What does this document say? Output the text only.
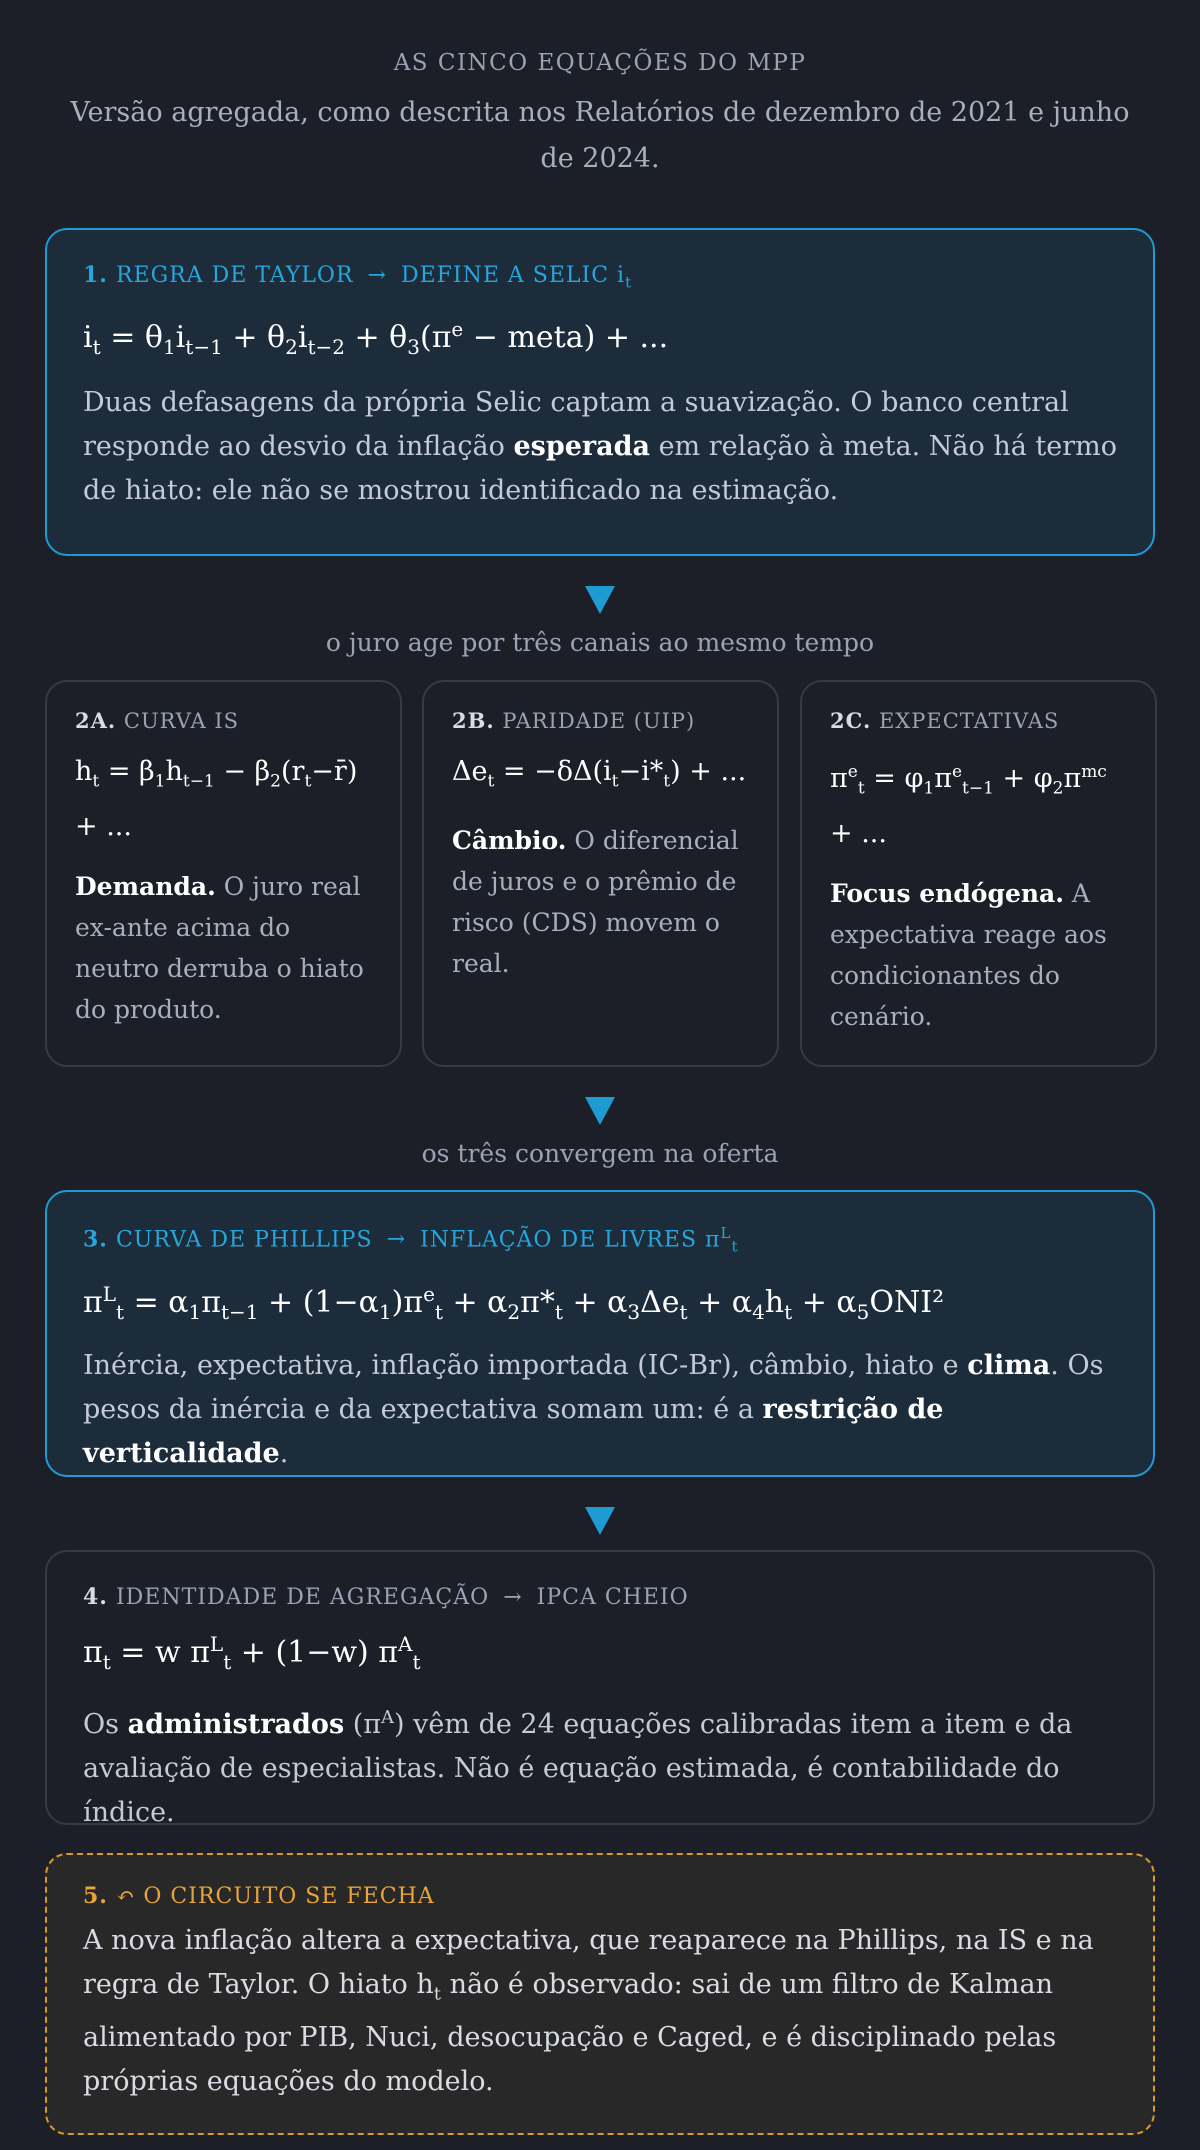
AS CINCO EQUAÇÕES DO MPP
Versão agregada, como descrita nos Relatórios de dezembro de 2021 e junho de 2024.
1. REGRA DE TAYLOR → DEFINE A SELIC $i_t$
$i_t = \theta_1i_{t-1} + \theta_2i_{t-2} + \theta_3(\pi^e$ − meta) + ...
Duas defasagens da própria Selic captam a suavização. O banco central responde ao desvio da inflação esperada em relação à meta. Não há termo de hiato: ele não se mostrou identificado na estimação.
o juro age por três canais ao mesmo tempo
2A. CURVA IS
$h_t = \beta_1h_{t-1}$ − $\beta_2(r_t-r̄)$
+ ...
Demanda. O juro real ex-ante acima do neutro derruba o hiato do produto.
2B. PARIDADE (UIP)
$\Delta e_t = -\delta\Delta(i_t-i*_t)$ + ...
Câmbio. O diferencial de juros e o prêmio de risco (CDS) movem o real.
2C. EXPECTATIVAS
$\pi^e_t = \varphi_1\pi^e_{t-1} + \varphi_2\pi^{mc}$
+ ...
Focus endógena. A expectativa reage aos condicionantes do cenário.
os três convergem na oferta
3. CURVA DE PHILLIPS → INFLAÇÃO DE LIVRES $\pi^L_t$
$\pi^L_t = \alpha_1\pi_{t-1} + (1-\alpha_1)\pi^e_t + \alpha_2\pi*_t + \alpha_3\Delta e_t + \alpha_4h_t + \alpha_5ONI^2$
Inércia, expectativa, inflação importada (IC-Br), câmbio, hiato e clima. Os pesos da inércia e da expectativa somam um: é a restrição de verticalidade.
4. IDENTIDADE DE AGREGAÇÃO → IPCA CHEIO
$\pi_t = w$ $\pi^L_t + (1-w)$ $\pi^A_t$
Os administrados $(\pi^A)$ vêm de 24 equações calibradas item a item e da avaliação de especialistas. Não é equação estimada, é contabilidade do índice.
5. ↶ O CIRCUITO SE FECHA
A nova inflação altera a expectativa, que reaparece na Phillips, na IS e na regra de Taylor. O hiato $h_t$ não é observado: sai de um filtro de Kalman alimentado por PIB, Nuci, desocupação e Caged, e é disciplinado pelas próprias equações do modelo.
